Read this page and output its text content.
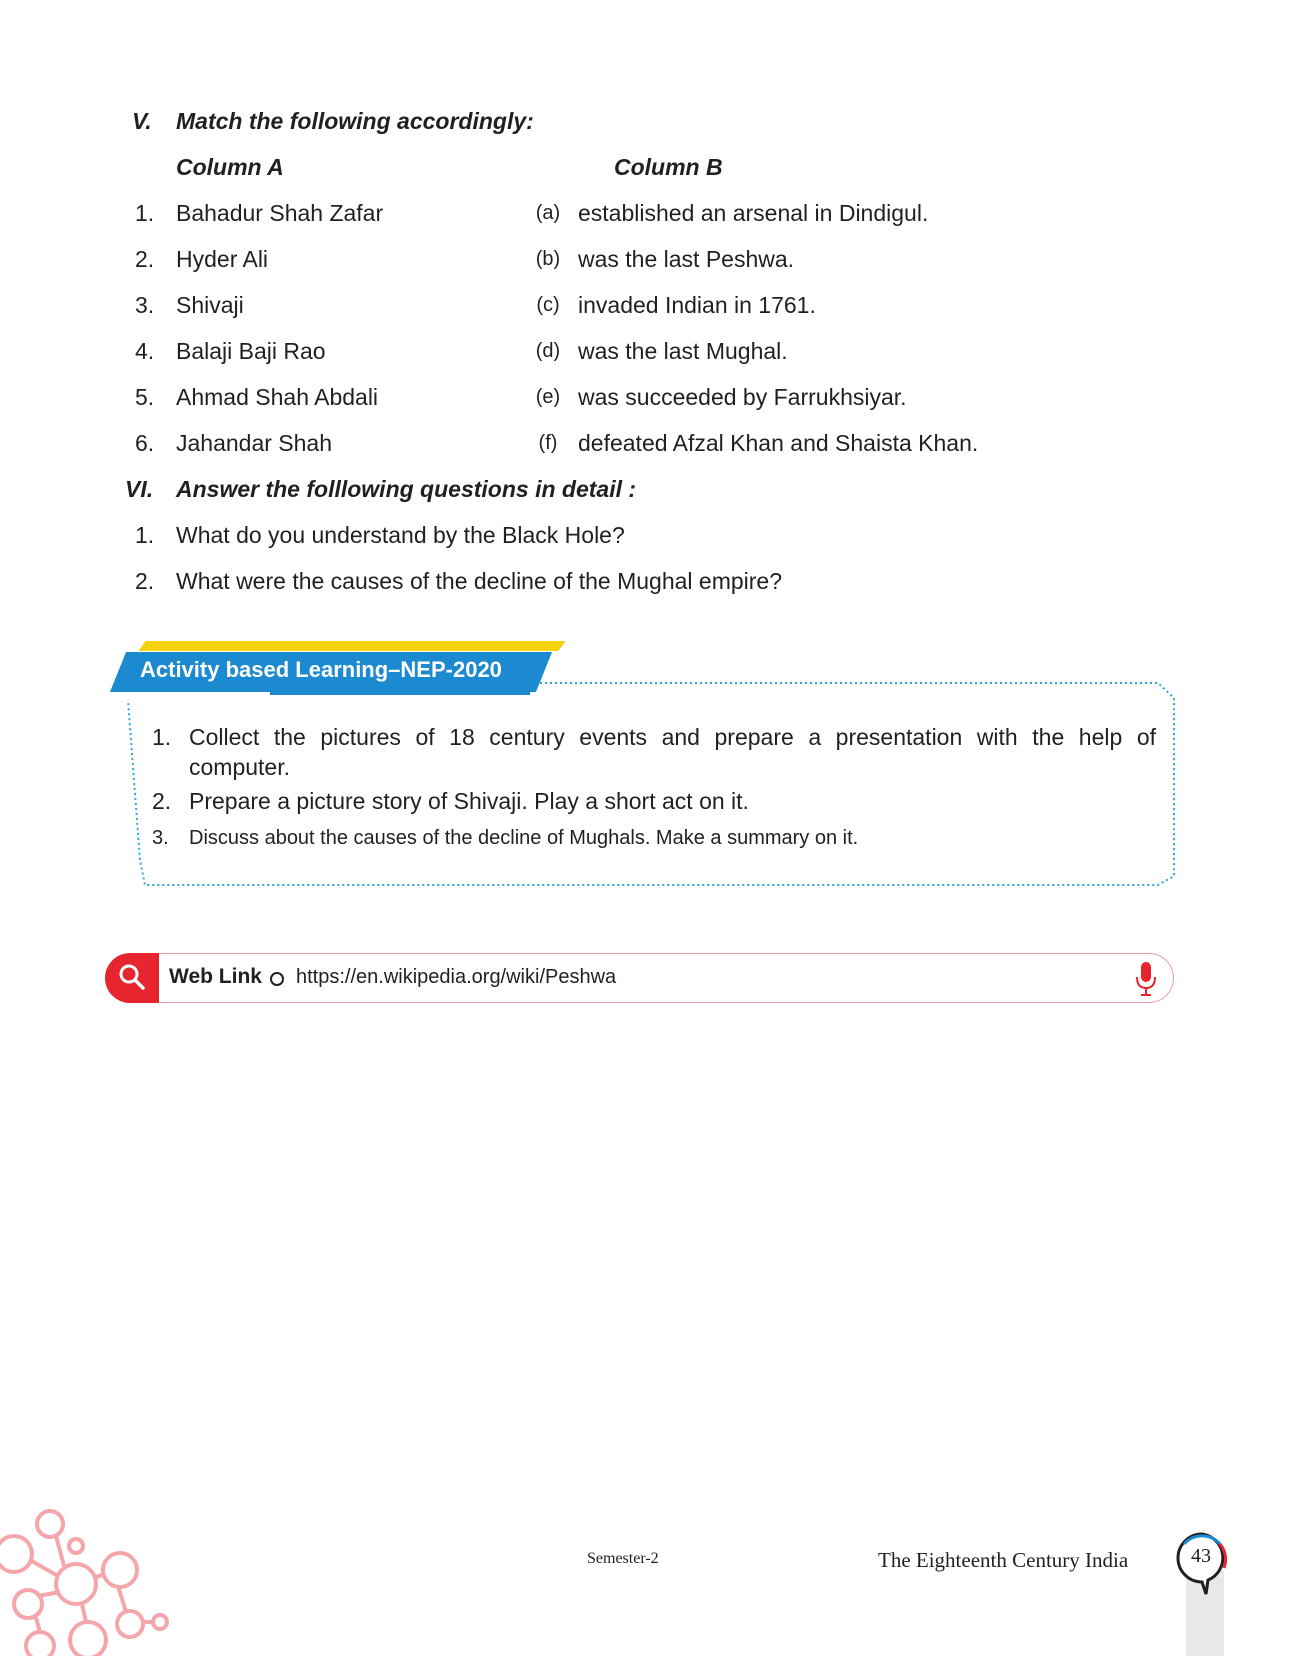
V. Match the following accordingly:
Column A	Column B
1. Bahadur Shah Zafar	(a) established an arsenal in Dindigul.
2. Hyder Ali	(b) was the last Peshwa.
3. Shivaji	(c) invaded Indian in 1761.
4. Balaji Baji Rao	(d) was the last Mughal.
5. Ahmad Shah Abdali	(e) was succeeded by Farrukhsiyar.
6. Jahandar Shah	(f) defeated Afzal Khan and Shaista Khan.
VI. Answer the folllowing questions in detail :
1. What do you understand by the Black Hole?
2. What were the causes of the decline of the Mughal empire?
Activity based Learning–NEP-2020
1. Collect the pictures of 18 century events and prepare a presentation with the help of
computer.
2. Prepare a picture story of Shivaji. Play a short act on it.
3. Discuss about the causes of the decline of Mughals. Make a summary on it.
Web Link https://en.wikipedia.org/wiki/Peshwa
Semester-2	The Eighteenth Century India	43
